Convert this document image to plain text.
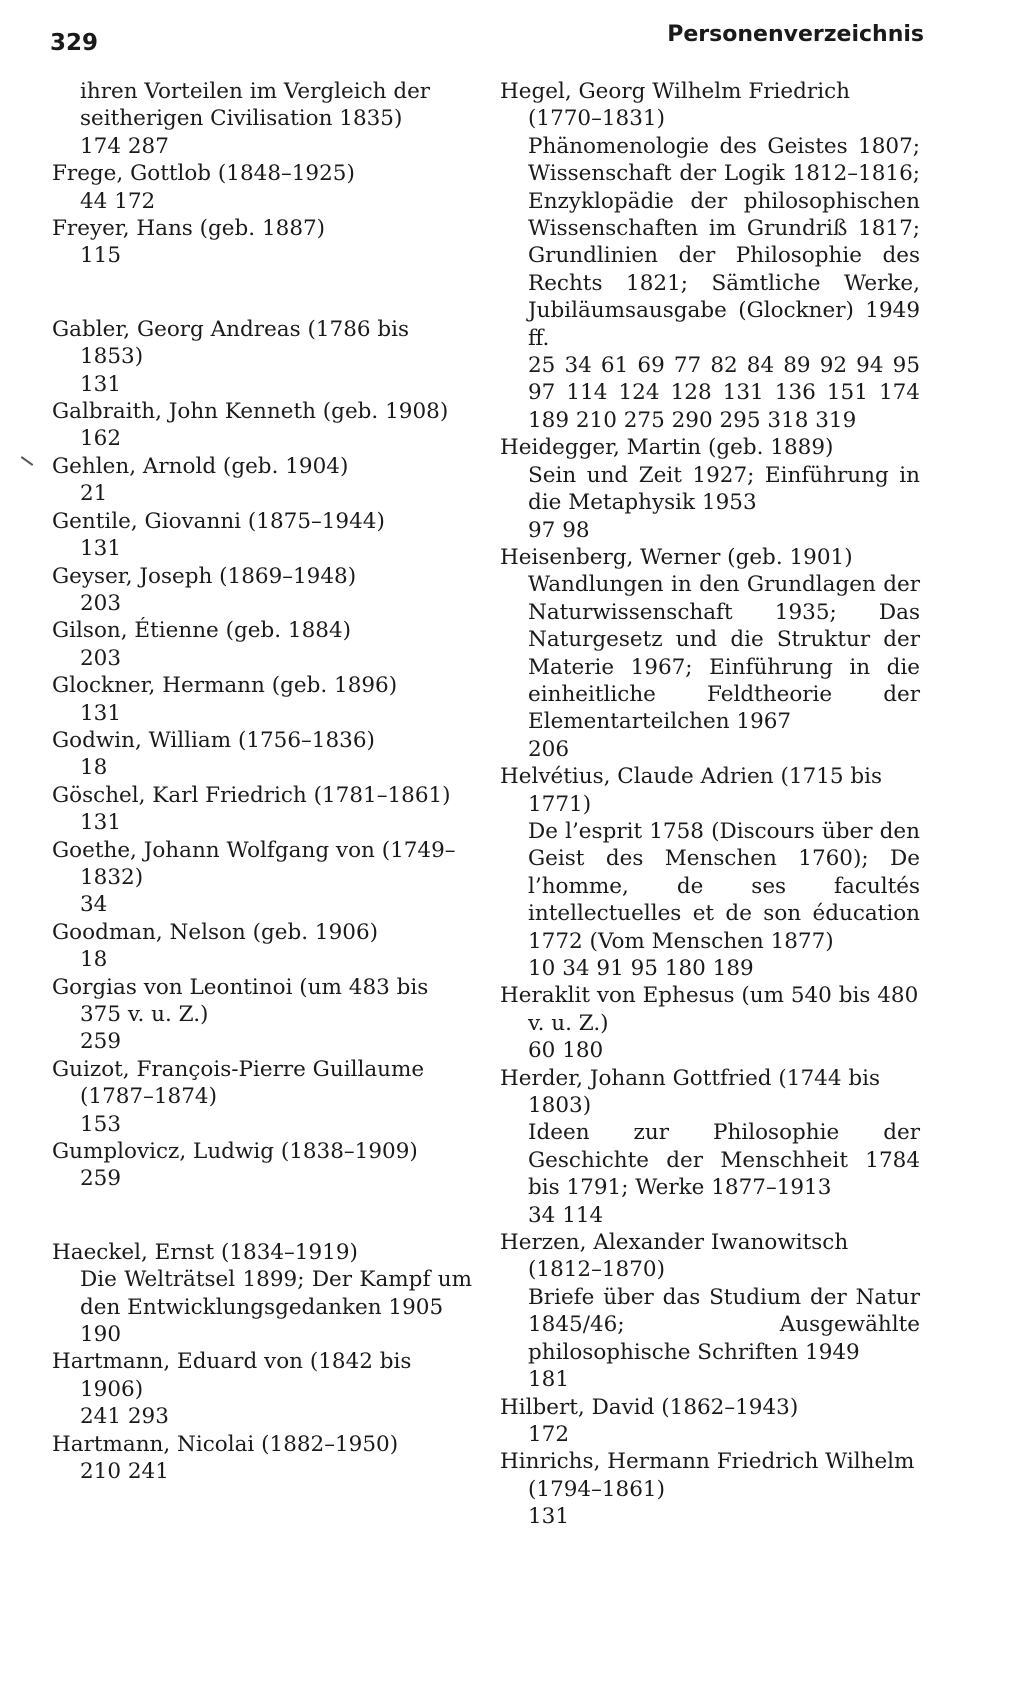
329	Personenverzeichnis
ihren Vorteilen im Vergleich der
seitherigen Civilisation 1835)
174 287
Frege, Gottlob (1848–1925)
44 172
Freyer, Hans (geb. 1887)
115
Gabler, Georg Andreas (1786 bis 1853)
131
Galbraith, John Kenneth (geb. 1908)
162
Gehlen, Arnold (geb. 1904)
21
Gentile, Giovanni (1875–1944)
131
Geyser, Joseph (1869–1948)
203
Gilson, Étienne (geb. 1884)
203
Glockner, Hermann (geb. 1896)
131
Godwin, William (1756–1836)
18
Göschel, Karl Friedrich (1781–1861)
131
Goethe, Johann Wolfgang von (1749–1832)
34
Goodman, Nelson (geb. 1906)
18
Gorgias von Leontinoi (um 483 bis 375 v. u. Z.)
259
Guizot, François-Pierre Guillaume (1787–1874)
153
Gumplovicz, Ludwig (1838–1909)
259
Haeckel, Ernst (1834–1919)
Die Welträtsel 1899; Der Kampf um den Entwicklungsgedanken 1905
190
Hartmann, Eduard von (1842 bis 1906)
241 293
Hartmann, Nicolai (1882–1950)
210 241
Hegel, Georg Wilhelm Friedrich (1770–1831)
Phänomenologie des Geistes 1807; Wissenschaft der Logik 1812–1816; Enzyklopädie der philosophischen Wissenschaften im Grundriß 1817; Grundlinien der Philosophie des Rechts 1821; Sämtliche Werke, Jubiläumsausgabe (Glockner) 1949 ff.
25 34 61 69 77 82 84 89 92 94 95 97 114 124 128 131 136 151 174 189 210 275 290 295 318 319
Heidegger, Martin (geb. 1889)
Sein und Zeit 1927; Einführung in die Metaphysik 1953
97 98
Heisenberg, Werner (geb. 1901)
Wandlungen in den Grundlagen der Naturwissenschaft 1935; Das Naturgesetz und die Struktur der Materie 1967; Einführung in die einheitliche Feldtheorie der Elementarteilchen 1967
206
Helvétius, Claude Adrien (1715 bis 1771)
De l’esprit 1758 (Discours über den Geist des Menschen 1760); De l’homme, de ses facultés intellectuelles et de son éducation 1772 (Vom Menschen 1877)
10 34 91 95 180 189
Heraklit von Ephesus (um 540 bis 480 v. u. Z.)
60 180
Herder, Johann Gottfried (1744 bis 1803)
Ideen zur Philosophie der Geschichte der Menschheit 1784 bis 1791; Werke 1877–1913
34 114
Herzen, Alexander Iwanowitsch (1812–1870)
Briefe über das Studium der Natur 1845/46; Ausgewählte philosophische Schriften 1949
181
Hilbert, David (1862–1943)
172
Hinrichs, Hermann Friedrich Wilhelm (1794–1861)
131
